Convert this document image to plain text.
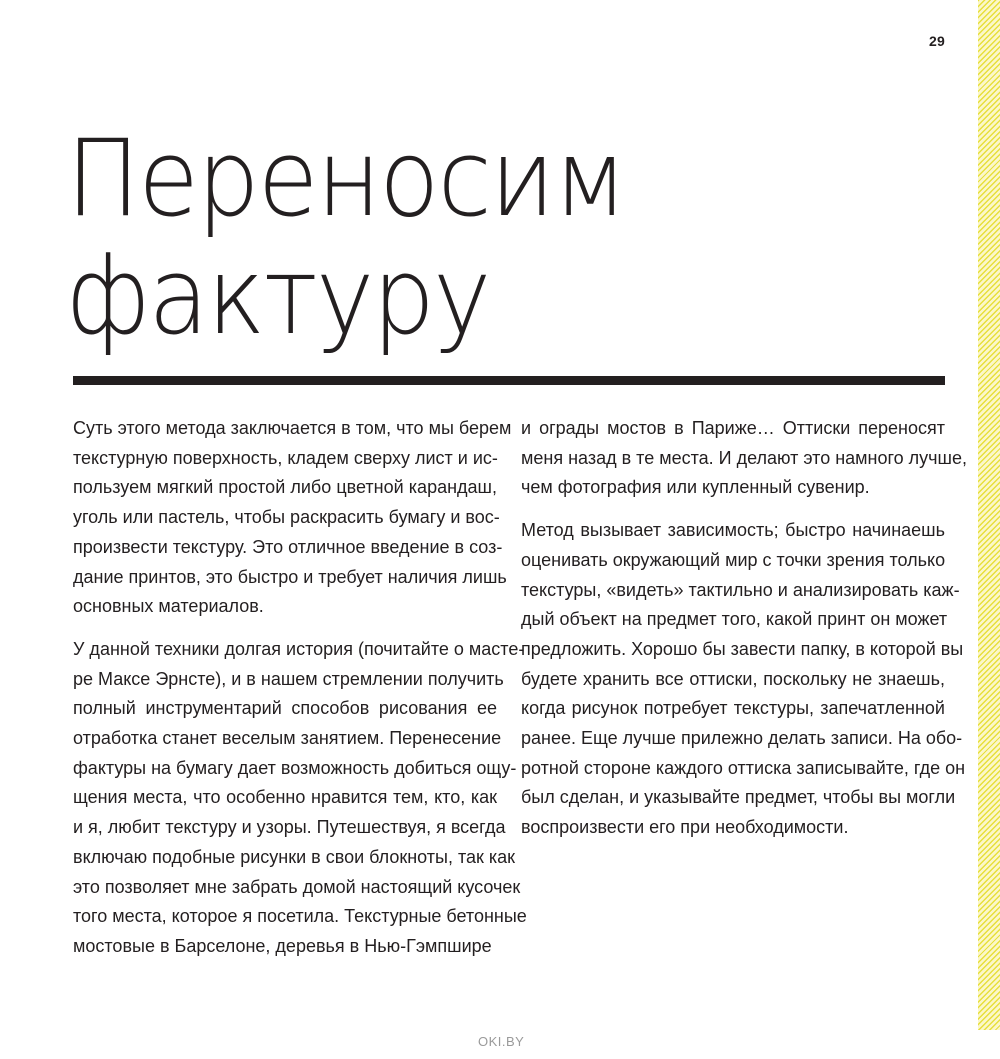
29
Переносим
фактуру

Суть этого метода заключается в том, что мы берем
текстурную поверхность, кладем сверху лист и ис-
пользуем мягкий простой либо цветной карандаш,
уголь или пастель, чтобы раскрасить бумагу и вос-
произвести текстуру. Это отличное введение в соз-
дание принтов, это быстро и требует наличия лишь
основных материалов.

У данной техники долгая история (почитайте о масте-
ре Максе Эрнсте), и в нашем стремлении получить
полный инструментарий способов рисования ее
отработка станет веселым занятием. Перенесение
фактуры на бумагу дает возможность добиться ощу-
щения места, что особенно нравится тем, кто, как
и я, любит текстуру и узоры. Путешествуя, я всегда
включаю подобные рисунки в свои блокноты, так как
это позволяет мне забрать домой настоящий кусочек
того места, которое я посетила. Текстурные бетонные
мостовые в Барселоне, деревья в Нью-Гэмпшире

и ограды мостов в Париже… Оттиски переносят
меня назад в те места. И делают это намного лучше,
чем фотография или купленный сувенир.

Метод вызывает зависимость; быстро начинаешь
оценивать окружающий мир с точки зрения только
текстуры, «видеть» тактильно и анализировать каж-
дый объект на предмет того, какой принт он может
предложить. Хорошо бы завести папку, в которой вы
будете хранить все оттиски, поскольку не знаешь,
когда рисунок потребует текстуры, запечатленной
ранее. Еще лучше прилежно делать записи. На обо-
ротной стороне каждого оттиска записывайте, где он
был сделан, и указывайте предмет, чтобы вы могли
воспроизвести его при необходимости.

OKI.BY
